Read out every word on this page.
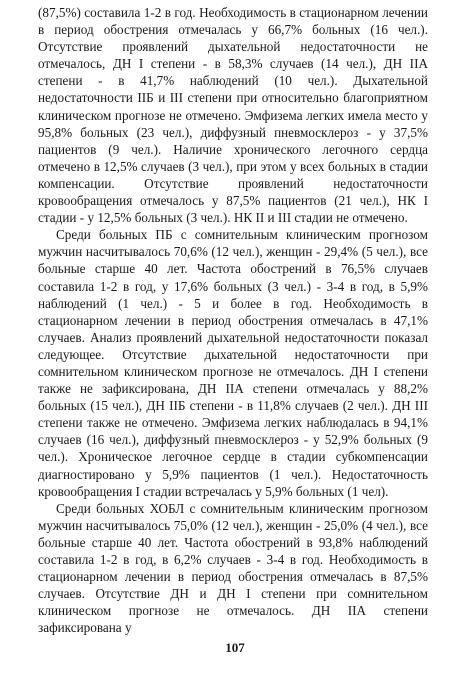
(87,5%) составила 1-2 в год. Необходимость в стационарном лечении в период обострения отмечалась у 66,7% больных (16 чел.). Отсутствие проявлений дыхательной недостаточности не отмечалось, ДН I степени - в 58,3% случаев (14 чел.), ДН IIА степени - в 41,7% наблюдений (10 чел.). Дыхательной недостаточности IIБ и III степени при относительно благоприятном клиническом прогнозе не отмечено. Эмфизема легких имела место у 95,8% больных (23 чел.), диффузный пневмосклероз - у 37,5% пациентов (9 чел.). Наличие хронического легочного сердца отмечено в 12,5% случаев (3 чел.), при этом у всех больных в стадии компенсации. Отсутствие проявлений недостаточности кровообращения отмечалось у 87,5% пациентов (21 чел.), НК I стадии - у 12,5% больных (3 чел.). НК II и III стадии не отмечено.

Среди больных ПБ с сомнительным клиническим прогнозом мужчин насчитывалось 70,6% (12 чел.), женщин - 29,4% (5 чел.), все больные старше 40 лет. Частота обострений в 76,5% случаев составила 1-2 в год, у 17,6% больных (3 чел.) - 3-4 в год, в 5,9% наблюдений (1 чел.) - 5 и более в год. Необходимость в стационарном лечении в период обострения отмечалась в 47,1% случаев. Анализ проявлений дыхательной недостаточности показал следующее. Отсутствие дыхательной недостаточности при сомнительном клиническом прогнозе не отмечалось. ДН I степени также не зафиксирована, ДН IIА степени отмечалась у 88,2% больных (15 чел.), ДН IIБ степени - в 11,8% случаев (2 чел.). ДН III степени также не отмечено. Эмфизема легких наблюдалась в 94,1% случаев (16 чел.), диффузный пневмосклероз - у 52,9% больных (9 чел.). Хроническое легочное сердце в стадии субкомпенсации диагностировано у 5,9% пациентов (1 чел.). Недостаточность кровообращения I стадии встречалась у 5,9% больных (1 чел).

Среди больных ХОБЛ с сомнительным клиническим прогнозом мужчин насчитывалось 75,0% (12 чел.), женщин - 25,0% (4 чел.), все больные старше 40 лет. Частота обострений в 93,8% наблюдений составила 1-2 в год, в 6,2% случаев - 3-4 в год. Необходимость в стационарном лечении в период обострения отмечалась в 87,5% случаев. Отсутствие ДН и ДН I степени при сомнительном клиническом прогнозе не отмечалось. ДН IIА степени зафиксирована у

107
